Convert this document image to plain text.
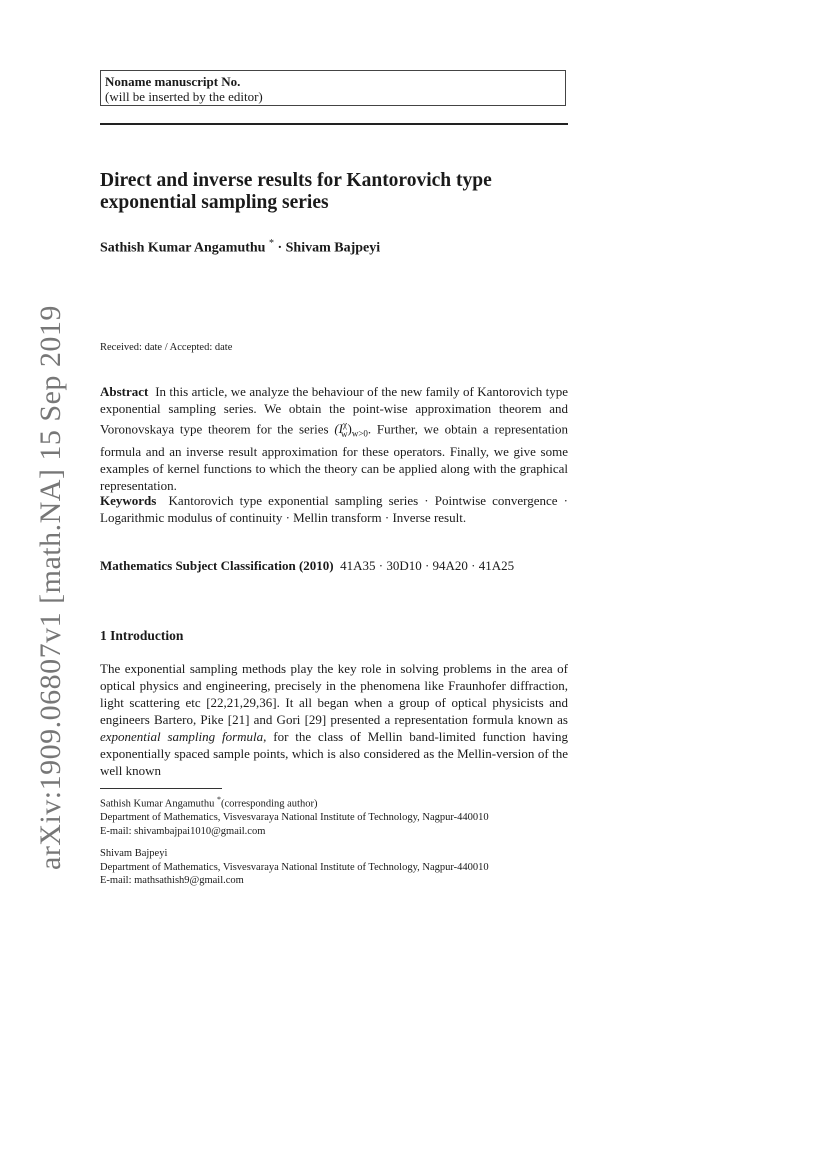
arXiv:1909.06807v1 [math.NA] 15 Sep 2019
Noname manuscript No.
(will be inserted by the editor)
Direct and inverse results for Kantorovich type exponential sampling series
Sathish Kumar Angamuthu * · Shivam Bajpeyi
Received: date / Accepted: date
Abstract In this article, we analyze the behaviour of the new family of Kantorovich type exponential sampling series. We obtain the point-wise approximation theorem and Voronovskaya type theorem for the series $(I^\chi_w)_{w>0}$. Further, we obtain a representation formula and an inverse result approximation for these operators. Finally, we give some examples of kernel functions to which the theory can be applied along with the graphical representation.
Keywords Kantorovich type exponential sampling series · Pointwise convergence · Logarithmic modulus of continuity · Mellin transform · Inverse result.
Mathematics Subject Classification (2010) 41A35 · 30D10 · 94A20 · 41A25
1 Introduction
The exponential sampling methods play the key role in solving problems in the area of optical physics and engineering, precisely in the phenomena like Fraunhofer diffraction, light scattering etc [22,21,29,36]. It all began when a group of optical physicists and engineers Bartero, Pike [21] and Gori [29] presented a representation formula known as exponential sampling formula, for the class of Mellin band-limited function having exponentially spaced sample points, which is also considered as the Mellin-version of the well known
Sathish Kumar Angamuthu *(corresponding author)
Department of Mathematics, Visvesvaraya National Institute of Technology, Nagpur-440010
E-mail: shivambajpai1010@gmail.com
Shivam Bajpeyi
Department of Mathematics, Visvesvaraya National Institute of Technology, Nagpur-440010
E-mail: mathsathish9@gmail.com
